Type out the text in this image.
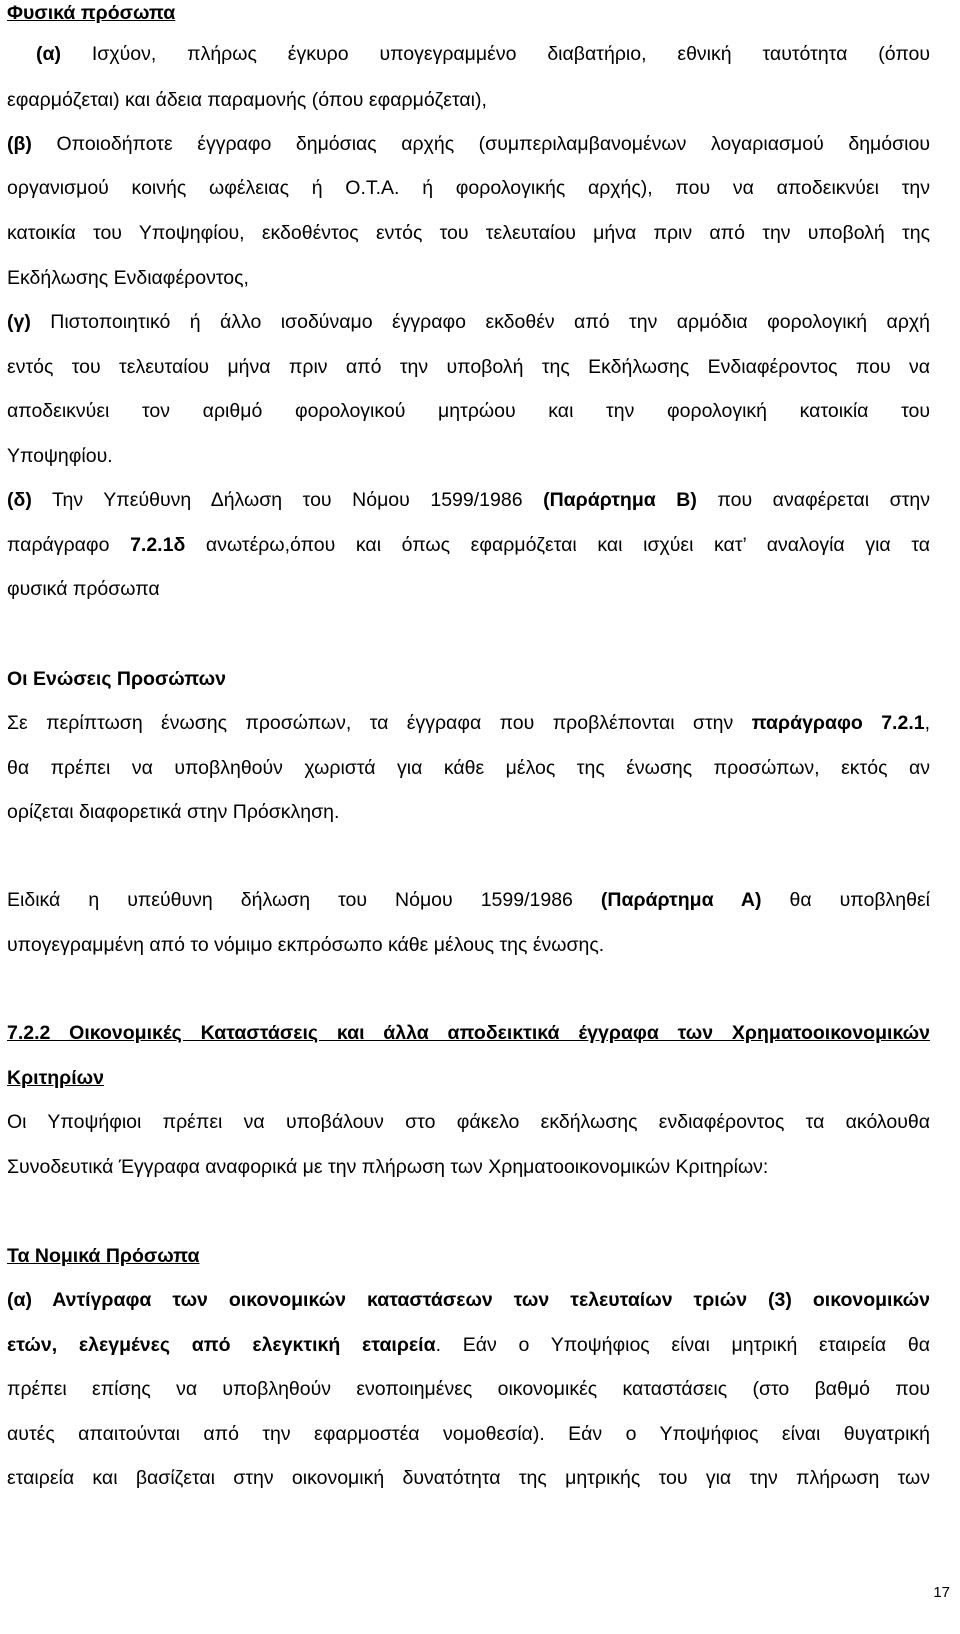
Φυσικά πρόσωπα
(α) Ισχύον, πλήρως έγκυρο υπογεγραμμένο διαβατήριο, εθνική ταυτότητα (όπου
εφαρμόζεται) και άδεια παραμονής (όπου εφαρμόζεται),
(β) Οποιοδήποτε έγγραφο δημόσιας αρχής (συμπεριλαμβανομένων λογαριασμού δημόσιου
οργανισμού κοινής ωφέλειας ή Ο.Τ.Α. ή φορολογικής αρχής), που να αποδεικνύει την
κατοικία του Υποψηφίου, εκδοθέντος εντός του τελευταίου μήνα πριν από την υποβολή της
Εκδήλωσης Ενδιαφέροντος,
(γ) Πιστοποιητικό ή άλλο ισοδύναμο έγγραφο εκδοθέν από την αρμόδια φορολογική αρχή
εντός του τελευταίου μήνα πριν από την υποβολή της Εκδήλωσης Ενδιαφέροντος που να
αποδεικνύει τον αριθμό φορολογικού μητρώου και την φορολογική κατοικία του
Υποψηφίου.
(δ) Την Υπεύθυνη Δήλωση του Νόμου 1599/1986 (Παράρτημα Β) που αναφέρεται στην
παράγραφο 7.2.1δ ανωτέρω,όπου και όπως εφαρμόζεται και ισχύει κατ’ αναλογία για τα
φυσικά πρόσωπα
Οι Ενώσεις Προσώπων
Σε περίπτωση ένωσης προσώπων, τα έγγραφα που προβλέπονται στην παράγραφο 7.2.1,
θα πρέπει να υποβληθούν χωριστά για κάθε μέλος της ένωσης προσώπων, εκτός αν
ορίζεται διαφορετικά στην Πρόσκληση.
Ειδικά η υπεύθυνη δήλωση του Νόμου 1599/1986 (Παράρτημα Α) θα υποβληθεί
υπογεγραμμένη από το νόμιμο εκπρόσωπο κάθε μέλους της ένωσης.
7.2.2 Οικονομικές Καταστάσεις και άλλα αποδεικτικά έγγραφα των Χρηματοοικονομικών
Κριτηρίων
Οι Υποψήφιοι πρέπει να υποβάλουν στο φάκελο εκδήλωσης ενδιαφέροντος τα ακόλουθα
Συνοδευτικά Έγγραφα αναφορικά με την πλήρωση των Χρηματοοικονομικών Κριτηρίων:
Τα Νομικά Πρόσωπα
(α) Αντίγραφα των οικονομικών καταστάσεων των τελευταίων τριών (3) οικονομικών
ετών, ελεγμένες από ελεγκτική εταιρεία. Εάν ο Υποψήφιος είναι μητρική εταιρεία θα
πρέπει επίσης να υποβληθούν ενοποιημένες οικονομικές καταστάσεις (στο βαθμό που
αυτές απαιτούνται από την εφαρμοστέα νομοθεσία). Εάν ο Υποψήφιος είναι θυγατρική
εταιρεία και βασίζεται στην οικονομική δυνατότητα της μητρικής του για την πλήρωση των
17
